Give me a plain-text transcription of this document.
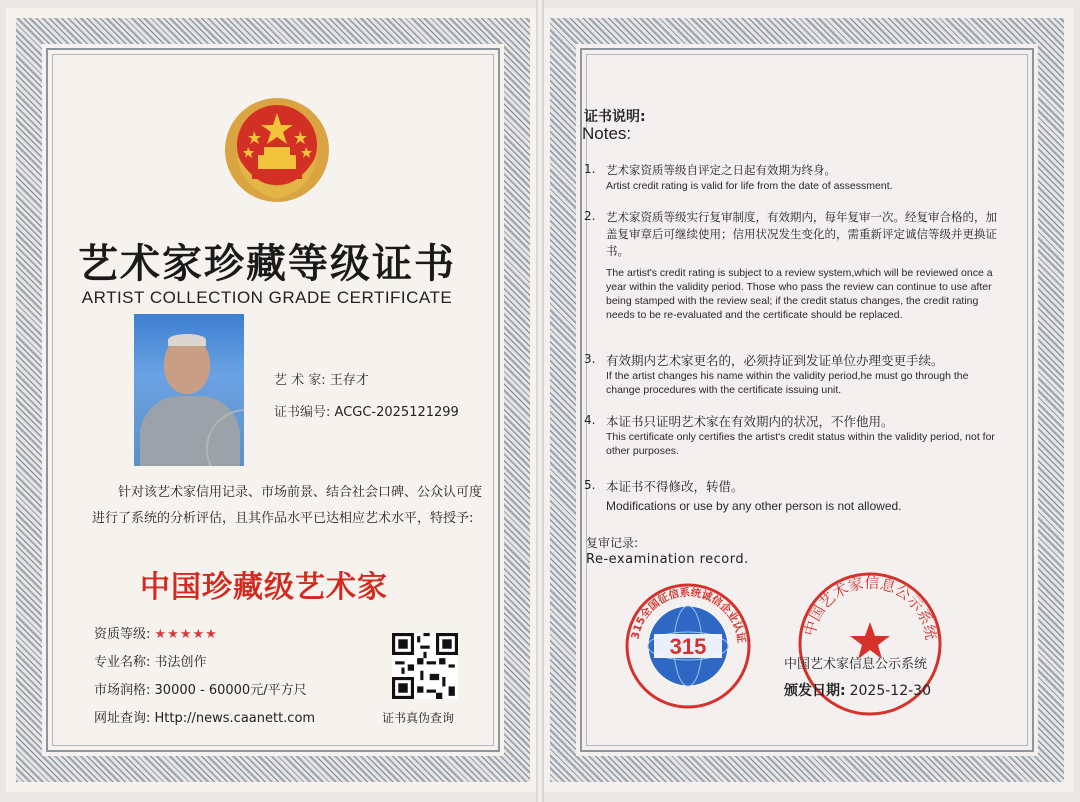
艺术家珍藏等级证书
ARTIST COLLECTION GRADE CERTIFICATE
艺 术 家: 王存才
证书编号: ACGC-2025121299
针对该艺术家信用记录、市场前景、结合社会口碑、公众认可度进行了系统的分析评估，且其作品水平已达相应艺术水平，特授予:
中国珍藏级艺术家
资质等级: ★★★★★
专业名称: 书法创作
市场润格: 30000 - 60000元/平方尺
网址查询: Http://news.caanett.com	证书真伪查询
证书说明:
Notes:
1. 艺术家资质等级自评定之日起有效期为终身。
Artist credit rating is valid for life from the date of assessment.
2. 艺术家资质等级实行复审制度，有效期内，每年复审一次。经复审合格的，加盖复审章后可继续使用；信用状况发生变化的，需重新评定诚信等级并更换证书。
The artist's credit rating is subject to a review system,which will be reviewed once a year within the validity period. Those who pass the review can continue to use after being stamped with the review seal; if the credit status changes, the credit rating needs to be re-evaluated and the certificate should be replaced.
3. 有效期内艺术家更名的，必须持证到发证单位办理变更手续。
If the artist changes his name within the validity period,he must go through the change procedures with the certificate issuing unit.
4. 本证书只证明艺术家在有效期内的状况，不作他用。
This certificate only certifies the artist's credit status within the validity period, not for other purposes.
5. 本证书不得修改，转借。
Modifications or use by any other person is not allowed.
复审记录:
Re-examination record.
315全国征信系统诚信企业认证
315
中国艺术家信息公示系统
中国艺术家信息公示系统
颁发日期: 2025-12-30
